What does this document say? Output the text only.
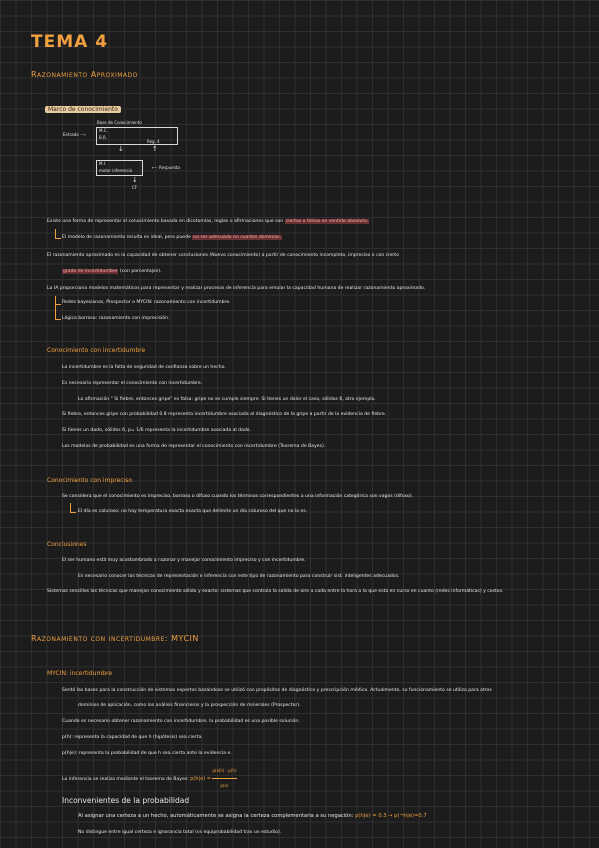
TEMA 4
Razonamiento Aproximado
Marco de conocimiento
Base de Conocimiento
M.C.
B.R.
Entrada ⟶
Reg. 4
↓	↑
M.I.
motor inferencia
⟵ Respuesta
↓
CF
Existe una forma de representar el conocimiento basada en dicotomías, reglas o afirmaciones que son ciertas o falsas en sentido absoluto.
El modelo de razonamiento resulta es ideal, pero puede no ser adecuado en cuartos dominios.
El razonamiento aproximado es la capacidad de obtener conclusiones (Nuevo conocimiento) a partir de conocimiento incompleto, impreciso o con cierto
grado de incertidumbre (con porcentajes).
La IA proporciona modelos matemáticos para representar y realizar procesos de inferencia para emular la capacidad humana de realizar razonamiento aproximado.
Redes bayesianas, Prospector o MYCIN: razonamiento con incertidumbre.
Lógica borrosa: razonamiento con imprecisión.
Conocimiento con incertidumbre
La incertidumbre es la falta de seguridad de confianza sobre un hecho.
Es necesario representar el conocimiento con incertidumbre.
La afirmación " Si fiebre, entonces gripe" es falsa: gripe no se cumple siempre. Si tienes un dolor el caso, sólidos 6, otro ejemplo.
Si fiebre, entonces gripe con probabilidad 0.8 representa incertidumbre asociada al diagnóstico de la gripe a partir de la evidencia de fiebre.
Si tienes un dado, sólidos 6, p= 1/6 representa la incertidumbre asociada al dado.
Los modelos de probabilidad es una forma de representar el conocimiento con incertidumbre (Teorema de Bayes).
Conocimiento con impreciso
Se considera que el conocimiento es impreciso, borroso o difuso cuando los términos correspondientes a una información categórica son vagos (difuso).
El día es caluroso: no hay temperatura exacta exacta que delimite un día caluroso del que no lo es.
Conclusiones
El ser humano está muy acostumbrado a razonar y manejar conocimiento impreciso y con incertidumbre.
Es necesario conocer las técnicas de representación e inferencia con este tipo de razonamiento para construir sist. inteligentes adecuados.
Sistemas sencillos las técnicas que manejan conocimiento sólido y exacto: sistemas que controla la salida de aire a cada entre la hora a la que esta en curso en cuanto (redes informáticas) y costes.
Razonamiento con incertidumbre: MYCIN
MYCIN: incertidumbre
Sentó las bases para la construcción de sistemas expertos basándose se utilizó con propósitos de diagnóstico y prescripción médica. Actualmente, su funcionamiento se utiliza para otros
dominios de aplicación, como los análisis financieros y la prospección de minerales (Prospector).
Cuando es necesario obtener razonamiento con incertidumbre, la probabilidad es una posible solución.
p(h): representa la capacidad de que h (hipótesis) sea cierta.
p(h|e): representa la probabilidad de que h sea cierta ante la evidencia e.
La inferencia se realiza mediante el teorema de Bayes: $p(h|e) = \frac{p(e|h) \cdot p(h)}{p(e)}$
Inconvenientes de la probabilidad
Al asignar una certeza a un hecho, automáticamente se asigna la certeza complementaria a su negación: p(h|e) = 0.3 → p(¬h|e)=0.7
No distingue entre igual certeza e ignorancia total (vs equiprobabilidad tras un estudio).
